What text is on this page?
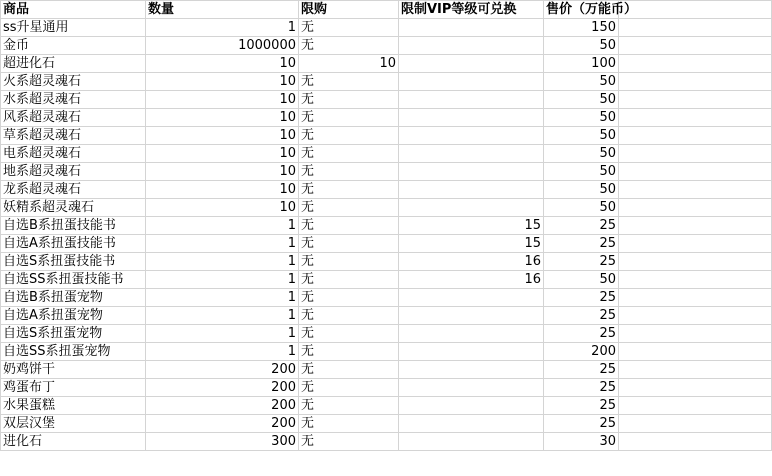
商品	数量	限购	限制VIP等级可兑换	售价（万能币）	
ss升星通用	1	无		150	
金币	1000000	无		50	
超进化石	10	10		100	
火系超灵魂石	10	无		50	
水系超灵魂石	10	无		50	
风系超灵魂石	10	无		50	
草系超灵魂石	10	无		50	
电系超灵魂石	10	无		50	
地系超灵魂石	10	无		50	
龙系超灵魂石	10	无		50	
妖精系超灵魂石	10	无		50	
自选B系扭蛋技能书	1	无	15	25	
自选A系扭蛋技能书	1	无	15	25	
自选S系扭蛋技能书	1	无	16	25	
自选SS系扭蛋技能书	1	无	16	50	
自选B系扭蛋宠物	1	无		25	
自选A系扭蛋宠物	1	无		25	
自选S系扭蛋宠物	1	无		25	
自选SS系扭蛋宠物	1	无		200	
奶鸡饼干	200	无		25	
鸡蛋布丁	200	无		25	
水果蛋糕	200	无		25	
双层汉堡	200	无		25	
进化石	300	无		30	
